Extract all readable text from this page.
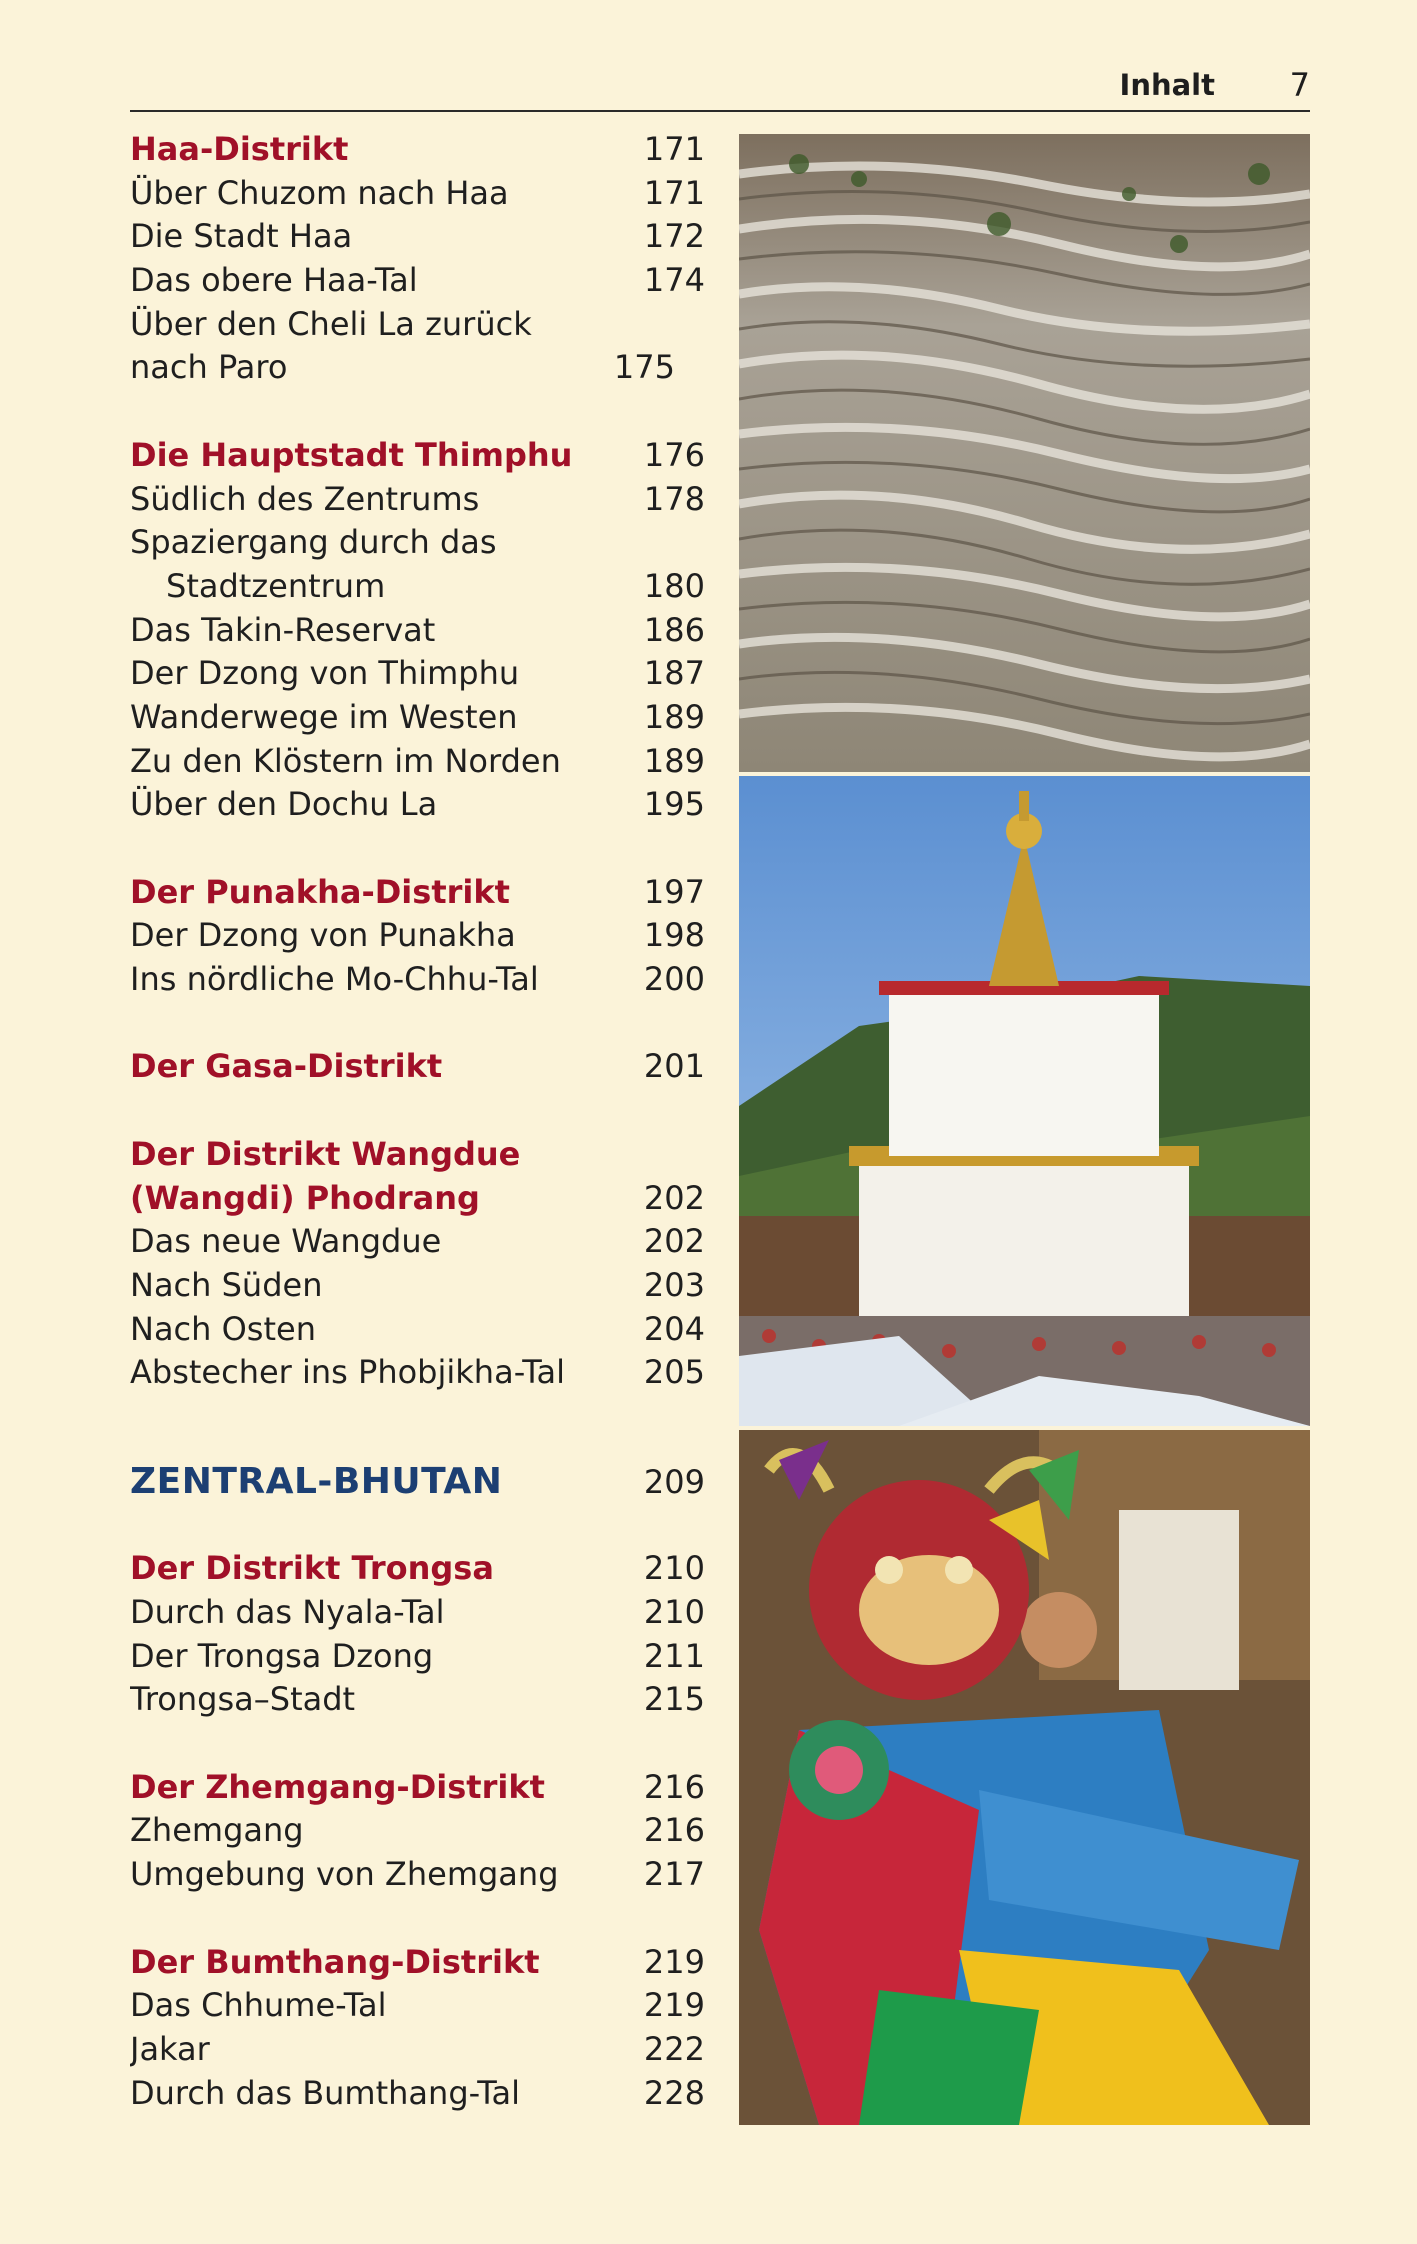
Inhalt 7
Haa-Distrikt	171
Über Chuzom nach Haa	171
Die Stadt Haa	172
Das obere Haa-Tal	174
Über den Cheli La zurück
nach Paro	175
Die Hauptstadt Thimphu	176
Südlich des Zentrums	178
Spaziergang durch das
Stadtzentrum	180
Das Takin-Reservat	186
Der Dzong von Thimphu	187
Wanderwege im Westen	189
Zu den Klöstern im Norden	189
Über den Dochu La	195
Der Punakha-Distrikt	197
Der Dzong von Punakha	198
Ins nördliche Mo-Chhu-Tal	200
Der Gasa-Distrikt	201
Der Distrikt Wangdue
(Wangdi) Phodrang	202
Das neue Wangdue	202
Nach Süden	203
Nach Osten	204
Abstecher ins Phobjikha-Tal	205
ZENTRAL-BHUTAN	209
Der Distrikt Trongsa	210
Durch das Nyala-Tal	210
Der Trongsa Dzong	211
Trongsa–Stadt	215
Der Zhemgang-Distrikt	216
Zhemgang	216
Umgebung von Zhemgang	217
Der Bumthang-Distrikt	219
Das Chhume-Tal	219
Jakar	222
Durch das Bumthang-Tal	228
